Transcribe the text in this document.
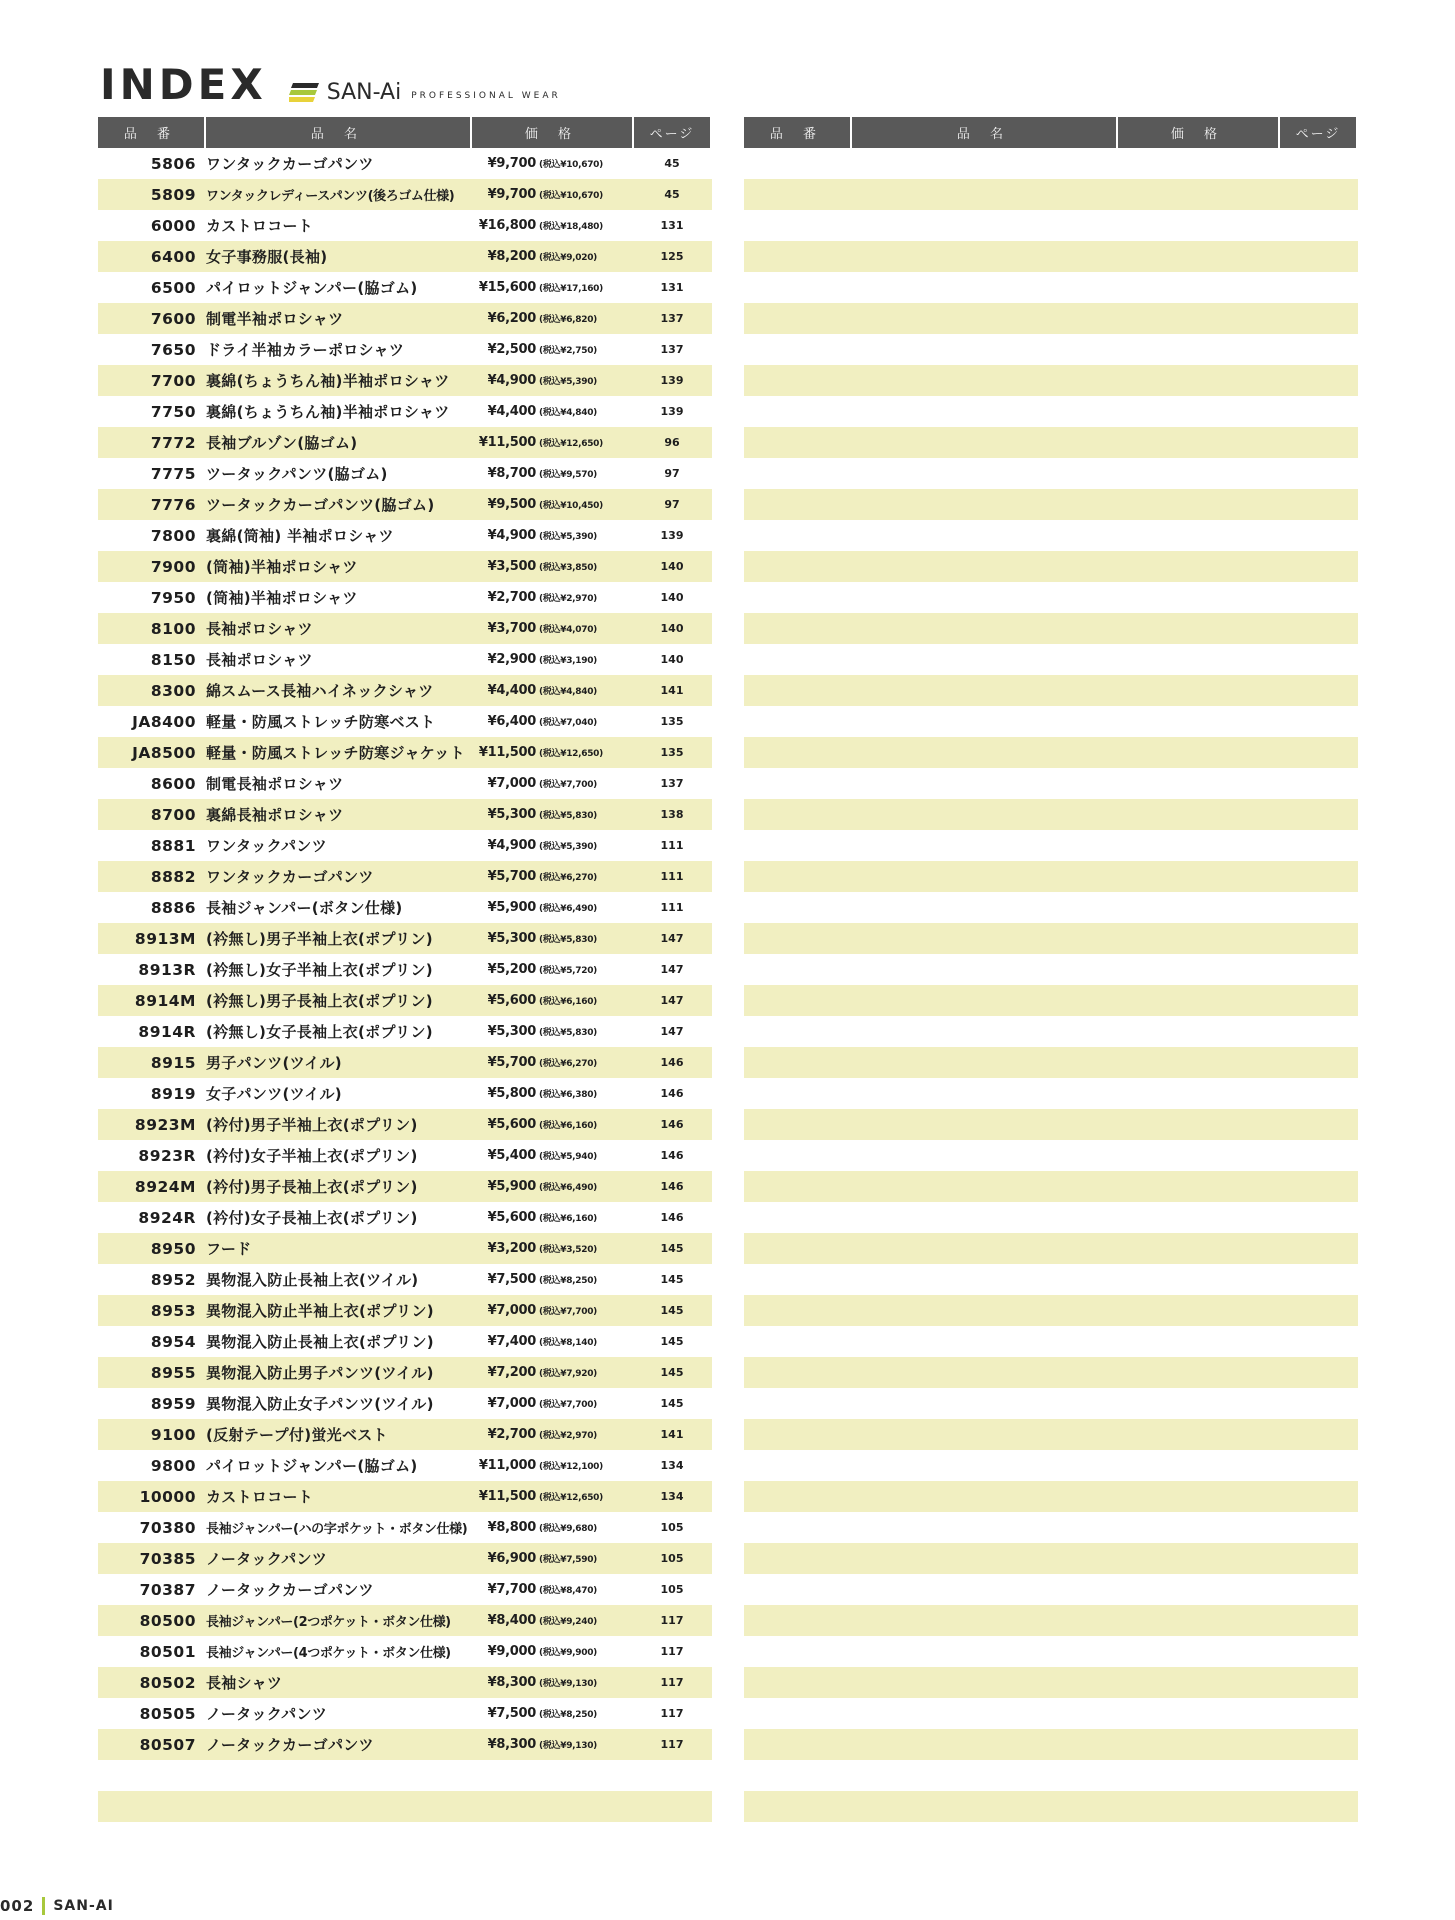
INDEX	SAN-Ai PROFESSIONAL WEAR
品 番	品 名	価 格	ページ
5806 ワンタックカーゴパンツ	¥9,700 (税込¥10,670)	45
5809 ワンタックレディースパンツ(後ろゴム仕様)	¥9,700 (税込¥10,670)	45
6000 カストロコート	¥16,800 (税込¥18,480)	131
6400 女子事務服(長袖)	¥8,200 (税込¥9,020)	125
6500 パイロットジャンパー(脇ゴム)	¥15,600 (税込¥17,160)	131
7600 制電半袖ポロシャツ	¥6,200 (税込¥6,820)	137
7650 ドライ半袖カラーポロシャツ	¥2,500 (税込¥2,750)	137
7700 裏綿(ちょうちん袖)半袖ポロシャツ	¥4,900 (税込¥5,390)	139
7750 裏綿(ちょうちん袖)半袖ポロシャツ	¥4,400 (税込¥4,840)	139
7772 長袖ブルゾン(脇ゴム)	¥11,500 (税込¥12,650)	96
7775 ツータックパンツ(脇ゴム)	¥8,700 (税込¥9,570)	97
7776 ツータックカーゴパンツ(脇ゴム)	¥9,500 (税込¥10,450)	97
7800 裏綿(筒袖) 半袖ポロシャツ	¥4,900 (税込¥5,390)	139
7900 (筒袖)半袖ポロシャツ	¥3,500 (税込¥3,850)	140
7950 (筒袖)半袖ポロシャツ	¥2,700 (税込¥2,970)	140
8100 長袖ポロシャツ	¥3,700 (税込¥4,070)	140
8150 長袖ポロシャツ	¥2,900 (税込¥3,190)	140
8300 綿スムース長袖ハイネックシャツ	¥4,400 (税込¥4,840)	141
JA8400 軽量・防風ストレッチ防寒ベスト	¥6,400 (税込¥7,040)	135
JA8500 軽量・防風ストレッチ防寒ジャケット	¥11,500 (税込¥12,650)	135
8600 制電長袖ポロシャツ	¥7,000 (税込¥7,700)	137
8700 裏綿長袖ポロシャツ	¥5,300 (税込¥5,830)	138
8881 ワンタックパンツ	¥4,900 (税込¥5,390)	111
8882 ワンタックカーゴパンツ	¥5,700 (税込¥6,270)	111
8886 長袖ジャンパー(ボタン仕様)	¥5,900 (税込¥6,490)	111
8913M (衿無し)男子半袖上衣(ポプリン)	¥5,300 (税込¥5,830)	147
8913R (衿無し)女子半袖上衣(ポプリン)	¥5,200 (税込¥5,720)	147
8914M (衿無し)男子長袖上衣(ポプリン)	¥5,600 (税込¥6,160)	147
8914R (衿無し)女子長袖上衣(ポプリン)	¥5,300 (税込¥5,830)	147
8915 男子パンツ(ツイル)	¥5,700 (税込¥6,270)	146
8919 女子パンツ(ツイル)	¥5,800 (税込¥6,380)	146
8923M (衿付)男子半袖上衣(ポプリン)	¥5,600 (税込¥6,160)	146
8923R (衿付)女子半袖上衣(ポプリン)	¥5,400 (税込¥5,940)	146
8924M (衿付)男子長袖上衣(ポプリン)	¥5,900 (税込¥6,490)	146
8924R (衿付)女子長袖上衣(ポプリン)	¥5,600 (税込¥6,160)	146
8950 フード	¥3,200 (税込¥3,520)	145
8952 異物混入防止長袖上衣(ツイル)	¥7,500 (税込¥8,250)	145
8953 異物混入防止半袖上衣(ポプリン)	¥7,000 (税込¥7,700)	145
8954 異物混入防止長袖上衣(ポプリン)	¥7,400 (税込¥8,140)	145
8955 異物混入防止男子パンツ(ツイル)	¥7,200 (税込¥7,920)	145
8959 異物混入防止女子パンツ(ツイル)	¥7,000 (税込¥7,700)	145
9100 (反射テープ付)蛍光ベスト	¥2,700 (税込¥2,970)	141
9800 パイロットジャンパー(脇ゴム)	¥11,000 (税込¥12,100)	134
10000 カストロコート	¥11,500 (税込¥12,650)	134
70380 長袖ジャンパー(ハの字ポケット・ボタン仕様)	¥8,800 (税込¥9,680)	105
70385 ノータックパンツ	¥6,900 (税込¥7,590)	105
70387 ノータックカーゴパンツ	¥7,700 (税込¥8,470)	105
80500 長袖ジャンパー(2つポケット・ボタン仕様)	¥8,400 (税込¥9,240)	117
80501 長袖ジャンパー(4つポケット・ボタン仕様)	¥9,000 (税込¥9,900)	117
80502 長袖シャツ	¥8,300 (税込¥9,130)	117
80505 ノータックパンツ	¥7,500 (税込¥8,250)	117
80507 ノータックカーゴパンツ	¥8,300 (税込¥9,130)	117
品 番	品 名	価 格	ページ
002 SAN-AI
